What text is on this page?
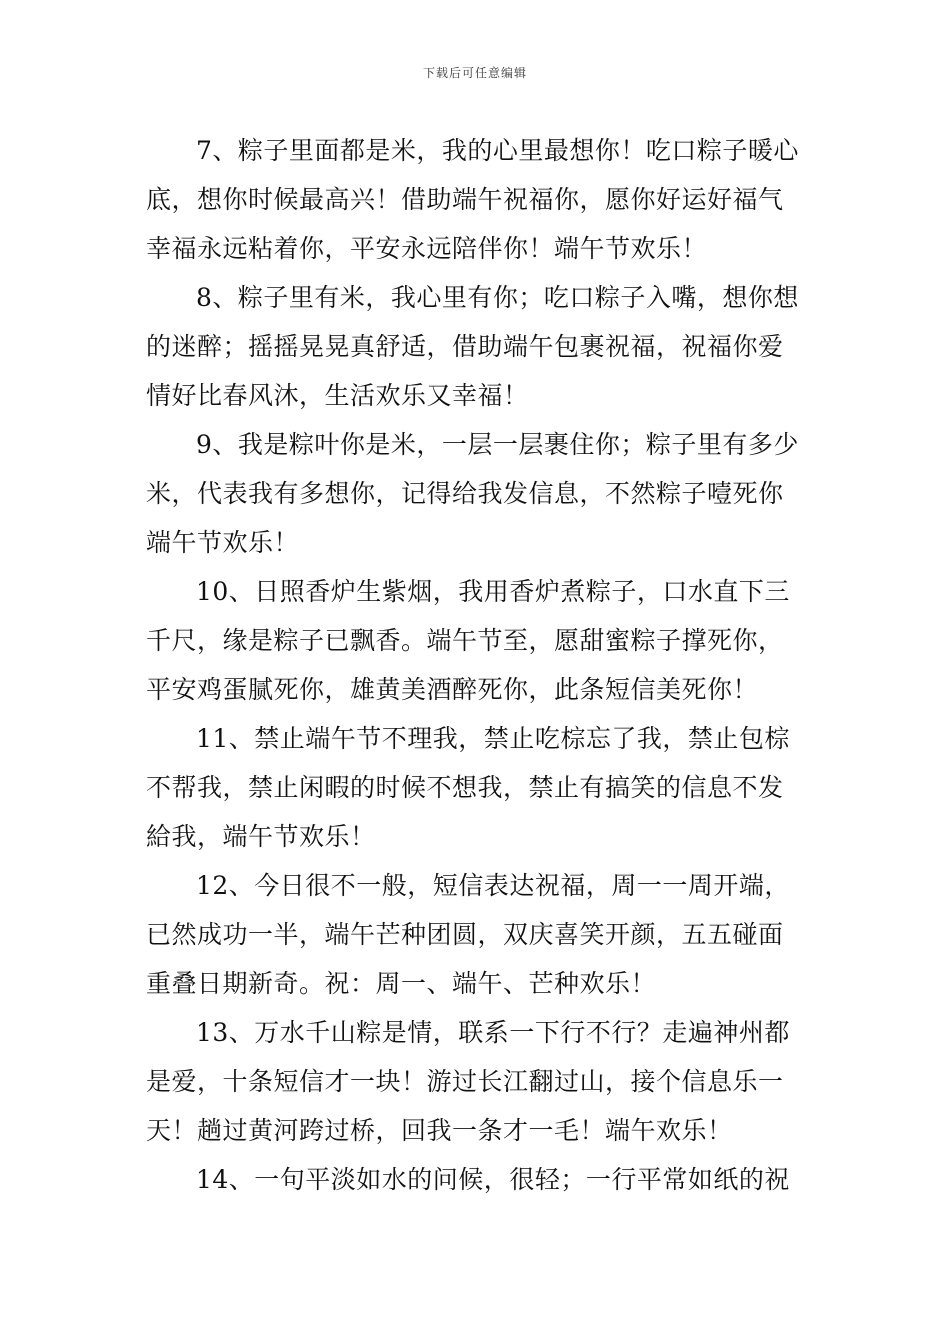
下载后可任意编辑
7、粽子里面都是米，我的心里最想你！吃口粽子暖心
底，想你时候最高兴！借助端午祝福你，愿你好运好福气
幸福永远粘着你，平安永远陪伴你！端午节欢乐！
8、粽子里有米，我心里有你；吃口粽子入嘴，想你想
的迷醉；摇摇晃晃真舒适，借助端午包裹祝福，祝福你爱
情好比春风沐，生活欢乐又幸福！
9、我是粽叶你是米，一层一层裹住你；粽子里有多少
米，代表我有多想你，记得给我发信息，不然粽子噎死你
端午节欢乐！
10、日照香炉生紫烟，我用香炉煮粽子，口水直下三
千尺，缘是粽子已飘香。端午节至，愿甜蜜粽子撑死你，
平安鸡蛋腻死你，雄黄美酒醉死你，此条短信美死你！
11、禁止端午节不理我，禁止吃棕忘了我，禁止包棕
不帮我，禁止闲暇的时候不想我，禁止有搞笑的信息不发
給我，端午节欢乐！
12、今日很不一般，短信表达祝福，周一一周开端，
已然成功一半，端午芒种团圆，双庆喜笑开颜，五五碰面
重叠日期新奇。祝：周一、端午、芒种欢乐！
13、万水千山粽是情，联系一下行不行？走遍神州都
是爱，十条短信才一块！游过长江翻过山，接个信息乐一
天！趟过黄河跨过桥，回我一条才一毛！端午欢乐！
14、一句平淡如水的问候，很轻；一行平常如纸的祝
